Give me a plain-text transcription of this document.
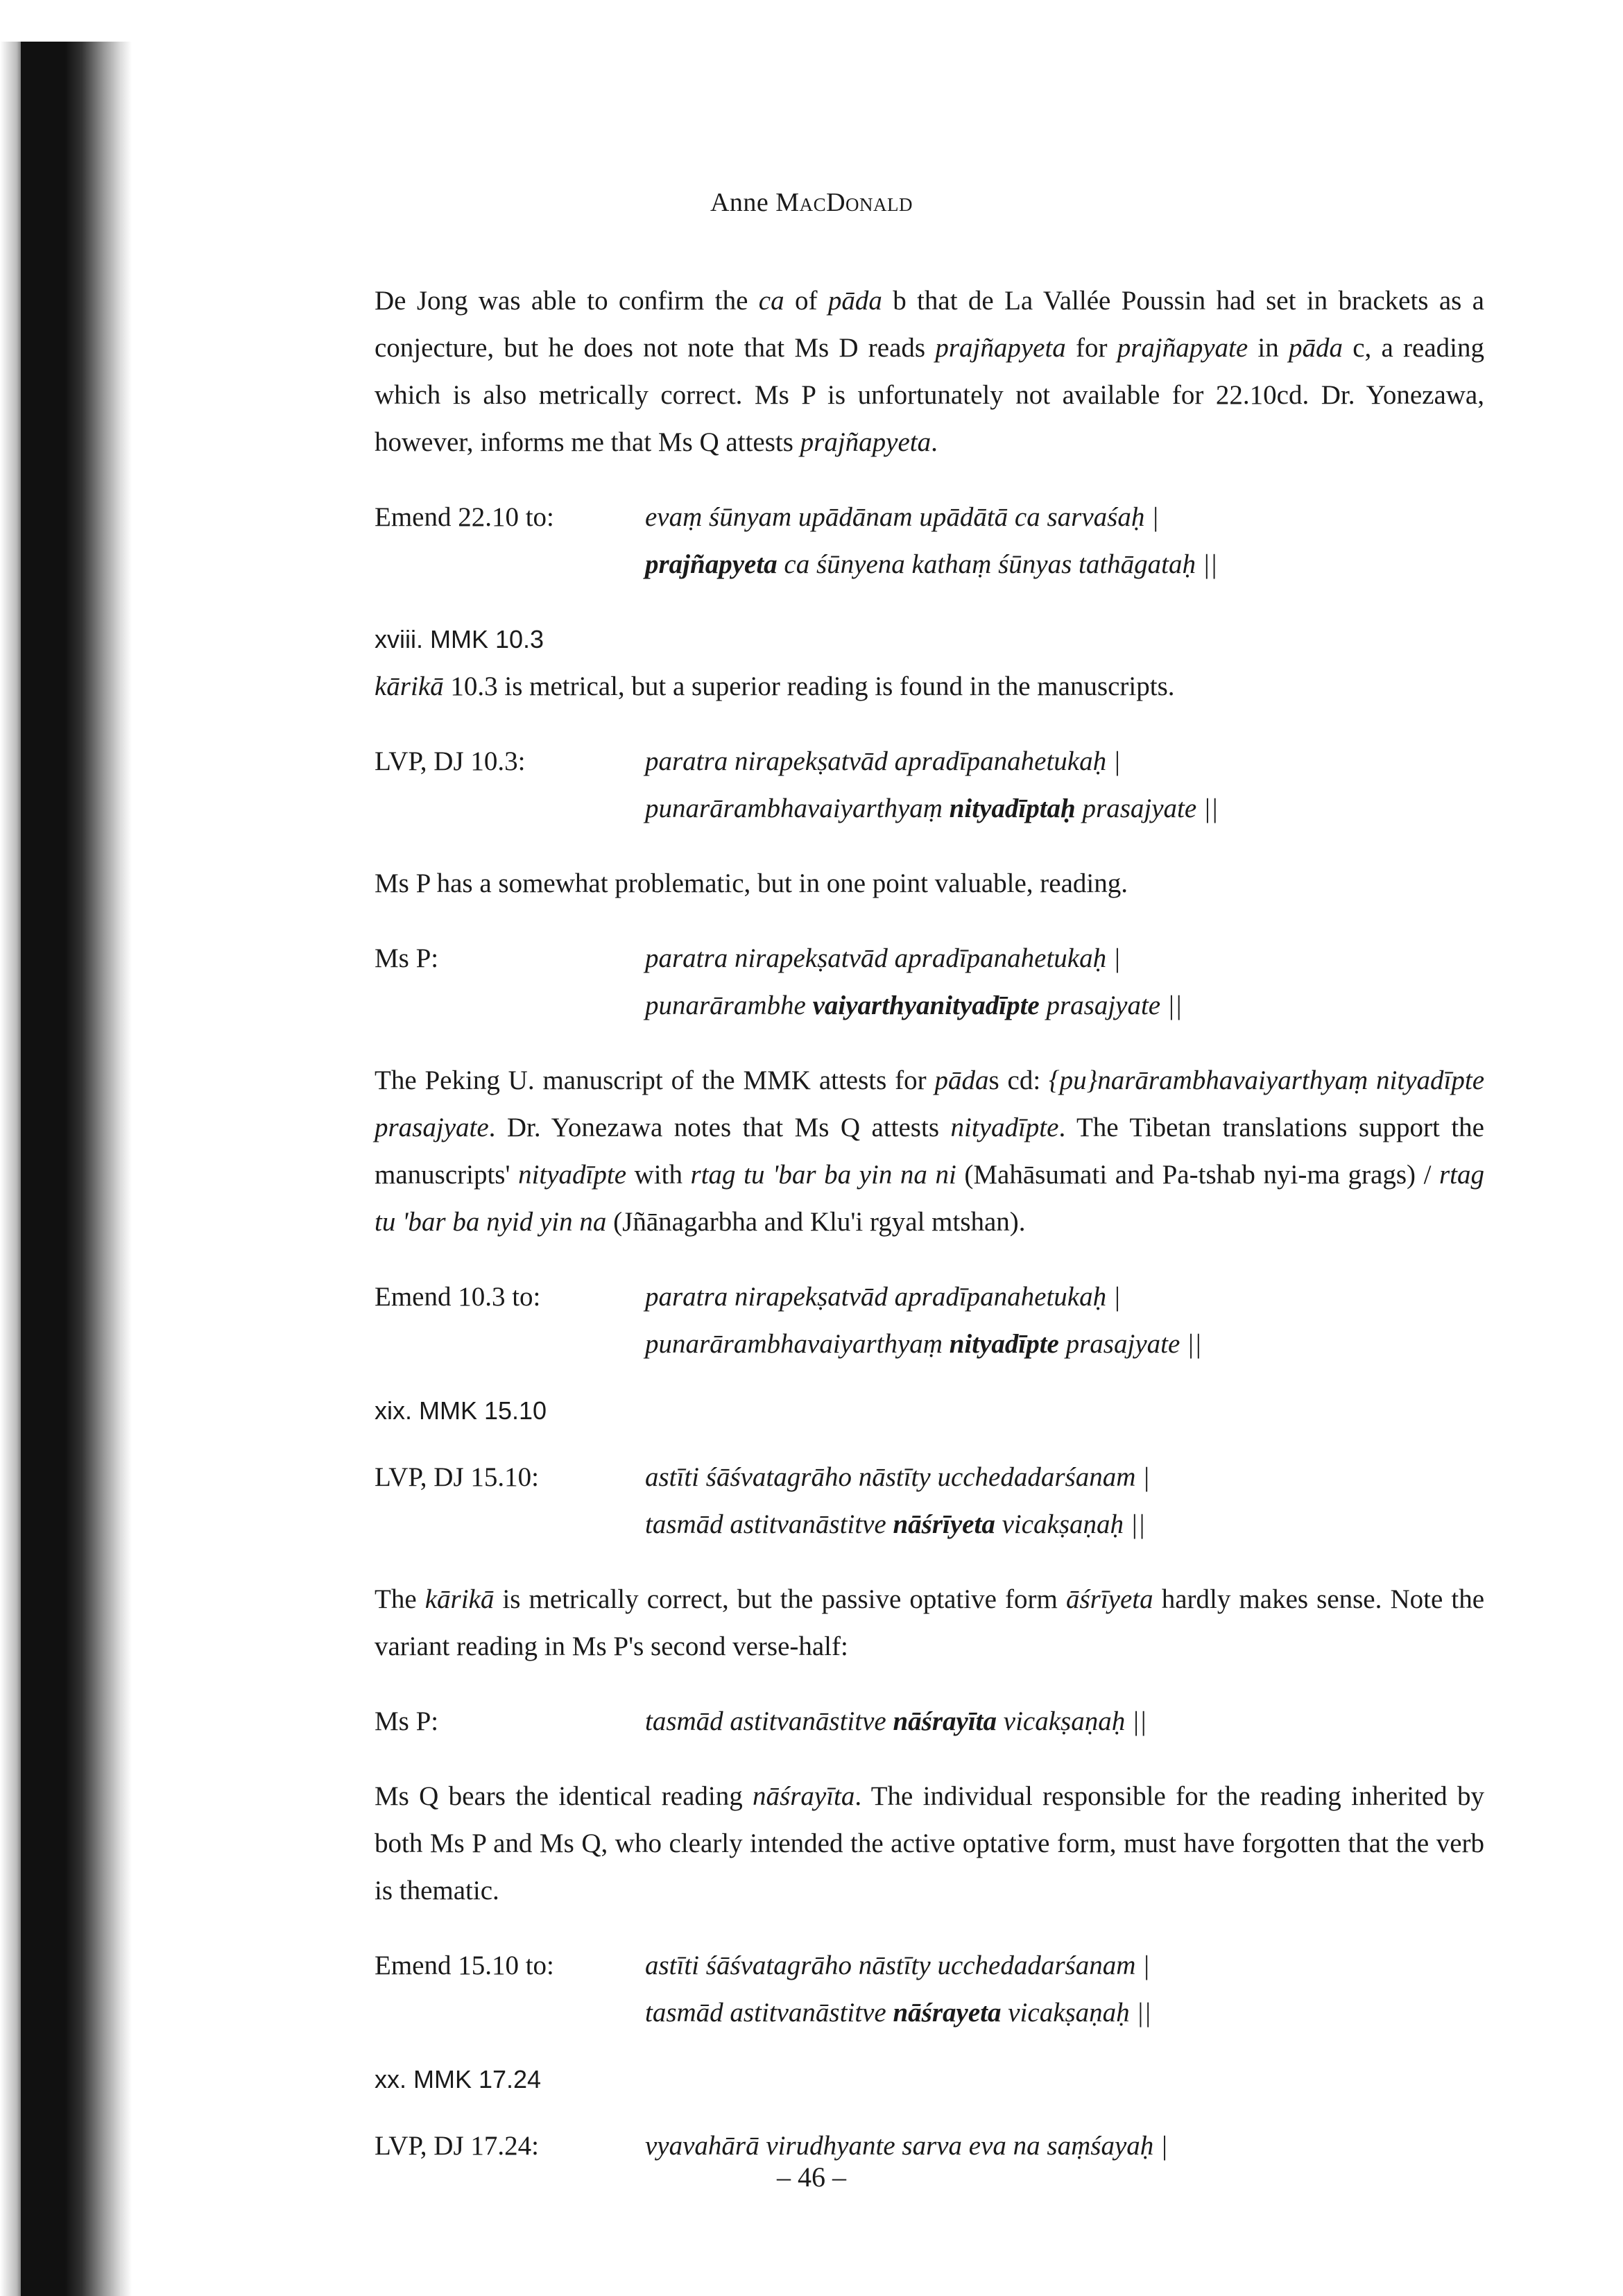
Anne MacDonald

De Jong was able to confirm the ca of pāda b that de La Vallée Poussin had set in brackets as a conjecture, but he does not note that Ms D reads prajñapyeta for prajñapyate in pāda c, a reading which is also metrically correct. Ms P is unfortunately not available for 22.10cd. Dr. Yonezawa, however, informs me that Ms Q attests prajñapyeta.

Emend 22.10 to:	evaṃ śūnyam upādānam upādātā ca sarvaśaḥ |
prajñapyeta ca śūnyena kathaṃ śūnyas tathāgataḥ ||
xviii. MMK 10.3

kārikā 10.3 is metrical, but a superior reading is found in the manuscripts.

LVP, DJ 10.3:	paratra nirapekṣatvād apradīpanahetukaḥ |
punarārambhavaiyarthyaṃ nityadīptaḥ prasajyate ||

Ms P has a somewhat problematic, but in one point valuable, reading.

Ms P:	paratra nirapekṣatvād apradīpanahetukaḥ |
punarārambhe vaiyarthyanityadīpte prasajyate ||

The Peking U. manuscript of the MMK attests for pādas cd: {pu}narārambhavaiyarthyaṃ nityadīpte prasajyate. Dr. Yonezawa notes that Ms Q attests nityadīpte. The Tibetan translations support the manuscripts' nityadīpte with rtag tu 'bar ba yin na ni (Mahāsumati and Pa-tshab nyi-ma grags) / rtag tu 'bar ba nyid yin na (Jñānagarbha and Klu'i rgyal mtshan).

Emend 10.3 to:	paratra nirapekṣatvād apradīpanahetukaḥ |
punarārambhavaiyarthyaṃ nityadīpte prasajyate ||
xix. MMK 15.10
LVP, DJ 15.10:	astīti śāśvatagrāho nāstīty ucchedadarśanam |
tasmād astitvanāstitve nāśrīyeta vicakṣaṇaḥ ||

The kārikā is metrically correct, but the passive optative form āśrīyeta hardly makes sense. Note the variant reading in Ms P's second verse-half:

Ms P:	tasmād astitvanāstitve nāśrayīta vicakṣaṇaḥ ||

Ms Q bears the identical reading nāśrayīta. The individual responsible for the reading inherited by both Ms P and Ms Q, who clearly intended the active optative form, must have forgotten that the verb is thematic.

Emend 15.10 to:	astīti śāśvatagrāho nāstīty ucchedadarśanam |
tasmād astitvanāstitve nāśrayeta vicakṣaṇaḥ ||
xx. MMK 17.24
LVP, DJ 17.24:	vyavahārā virudhyante sarva eva na saṃśayaḥ |
– 46 –
